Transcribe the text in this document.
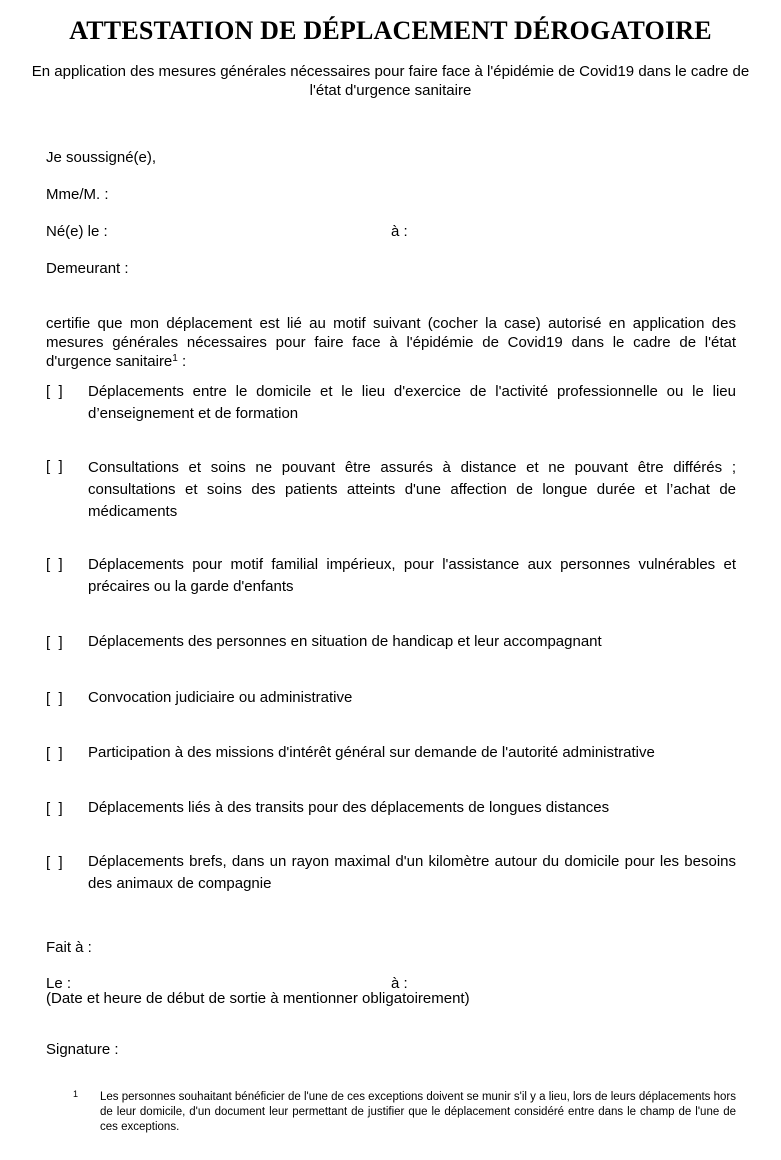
ATTESTATION DE DÉPLACEMENT DÉROGATOIRE
En application des mesures générales nécessaires pour faire face à l'épidémie de Covid19 dans le cadre de l'état d'urgence sanitaire
Je soussigné(e),
Mme/M. :
Né(e) le :	à :
Demeurant :
certifie que mon déplacement est lié au motif suivant (cocher la case) autorisé en application des mesures générales nécessaires pour faire face à l'épidémie de Covid19 dans le cadre de l'état d'urgence sanitaire$^1$ :
[  ] Déplacements entre le domicile et le lieu d'exercice de l'activité professionnelle ou le lieu d’enseignement et de formation
[  ] Consultations et soins ne pouvant être assurés à distance et ne pouvant être différés ; consultations et soins des patients atteints d'une affection de longue durée et l’achat de médicaments
[  ] Déplacements pour motif familial impérieux, pour l'assistance aux personnes vulnérables et précaires ou la garde d'enfants
[  ] Déplacements des personnes en situation de handicap et leur accompagnant
[  ] Convocation judiciaire ou administrative
[  ] Participation à des missions d'intérêt général sur demande de l'autorité administrative
[  ] Déplacements liés à des transits pour des déplacements de longues distances
[  ] Déplacements brefs, dans un rayon maximal d'un kilomètre autour du domicile pour les besoins des animaux de compagnie
Fait à :
Le :	à :
(Date et heure de début de sortie à mentionner obligatoirement)
Signature :
1 Les personnes souhaitant bénéficier de l'une de ces exceptions doivent se munir s'il y a lieu, lors de leurs déplacements hors de leur domicile, d'un document leur permettant de justifier que le déplacement considéré entre dans le champ de l'une de ces exceptions.
